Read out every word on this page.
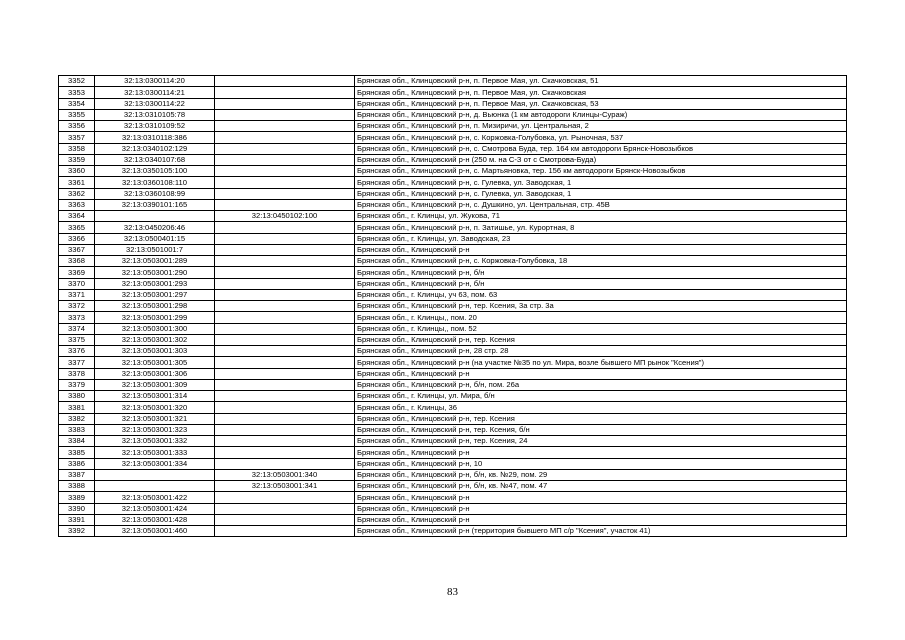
3352	32:13:0300114:20		Брянская обл., Клинцовский р-н, п. Первое Мая, ул. Скачковская, 51
3353	32:13:0300114:21		Брянская обл., Клинцовский р-н, п. Первое Мая, ул. Скачковская
3354	32:13:0300114:22		Брянская обл., Клинцовский р-н, п. Первое Мая, ул. Скачковская, 53
3355	32:13:0310105:78		Брянская обл., Клинцовский р-н, д. Вьюнка (1 км автодороги Клинцы-Сураж)
3356	32:13:0310109:52		Брянская обл., Клинцовский р-н, п. Мизиричи, ул. Центральная, 2
3357	32:13:0310118:386		Брянская обл., Клинцовский р-н, с. Коржовка-Голубовка, ул. Рыночная, 537
3358	32:13:0340102:129		Брянская обл., Клинцовский р-н, с. Смотрова Буда, тер. 164 км автодороги Брянск-Новозыбков
3359	32:13:0340107:68		Брянская обл., Клинцовский р-н (250 м. на С-З от с Смотрова-Буда)
3360	32:13:0350105:100		Брянская обл., Клинцовский р-н, с. Мартьяновка, тер. 156 км автодороги Брянск-Новозыбков
3361	32:13:0360108:110		Брянская обл., Клинцовский р-н, с. Гулевка, ул. Заводская, 1
3362	32:13:0360108:99		Брянская обл., Клинцовский р-н, с. Гулевка, ул. Заводская, 1
3363	32:13:0390101:165		Брянская обл., Клинцовский р-н, с. Душкино, ул. Центральная, стр. 45В
3364		32:13:0450102:100	Брянская обл., г. Клинцы, ул. Жукова, 71
3365	32:13:0450206:46		Брянская обл., Клинцовский р-н, п. Затишье, ул. Курортная, 8
3366	32:13:0500401:15		Брянская обл., г. Клинцы, ул. Заводская, 23
3367	32:13:0501001:7		Брянская обл., Клинцовский р-н
3368	32:13:0503001:289		Брянская обл., Клинцовский р-н, с. Коржовка-Голубовка, 18
3369	32:13:0503001:290		Брянская обл., Клинцовский р-н, б/н
3370	32:13:0503001:293		Брянская обл., Клинцовский р-н, б/н
3371	32:13:0503001:297		Брянская обл., г. Клинцы, уч 63, пом. 63
3372	32:13:0503001:298		Брянская обл., Клинцовский р-н, тер. Ксения, 3а стр. 3а
3373	32:13:0503001:299		Брянская обл., г. Клинцы,, пом. 20
3374	32:13:0503001:300		Брянская обл., г. Клинцы,, пом. 52
3375	32:13:0503001:302		Брянская обл., Клинцовский р-н, тер. Ксения
3376	32:13:0503001:303		Брянская обл., Клинцовский р-н, 28 стр. 28
3377	32:13:0503001:305		Брянская обл., Клинцовский р-н (на участке №35 по ул. Мира, возле бывшего МП рынок "Ксения")
3378	32:13:0503001:306		Брянская обл., Клинцовский р-н
3379	32:13:0503001:309		Брянская обл., Клинцовский р-н, б/н, пом. 26а
3380	32:13:0503001:314		Брянская обл., г. Клинцы, ул. Мира, б/н
3381	32:13:0503001:320		Брянская обл., г. Клинцы, 36
3382	32:13:0503001:321		Брянская обл., Клинцовский р-н, тер. Ксения
3383	32:13:0503001:323		Брянская обл., Клинцовский р-н, тер. Ксения, б/н
3384	32:13:0503001:332		Брянская обл., Клинцовский р-н, тер. Ксения, 24
3385	32:13:0503001:333		Брянская обл., Клинцовский р-н
3386	32:13:0503001:334		Брянская обл., Клинцовский р-н, 10
3387		32:13:0503001:340	Брянская обл., Клинцовский р-н, б/н, кв. №29, пом. 29
3388		32:13:0503001:341	Брянская обл., Клинцовский р-н, б/н, кв. №47, пом. 47
3389	32:13:0503001:422		Брянская обл., Клинцовский р-н
3390	32:13:0503001:424		Брянская обл., Клинцовский р-н
3391	32:13:0503001:428		Брянская обл., Клинцовский р-н
3392	32:13:0503001:460		Брянская обл., Клинцовский р-н (территория бывшего МП с/р "Ксения", участок 41)
83
